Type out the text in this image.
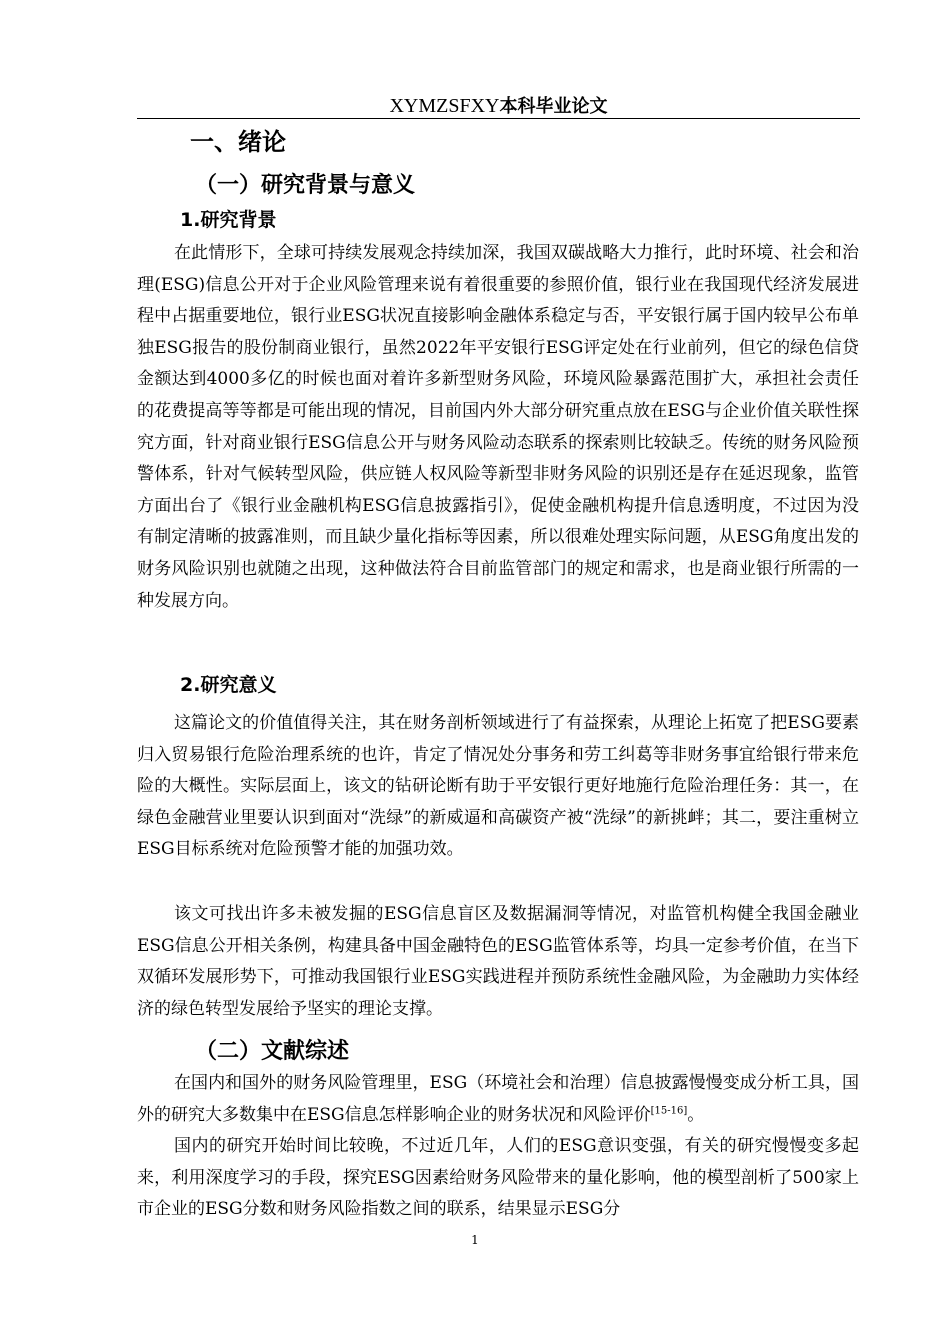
XYMZSFXY本科毕业论文
一、绪论
（一）研究背景与意义
1.研究背景

在此情形下，全球可持续发展观念持续加深，我国双碳战略大力推行，此时环境、社会和治理(ESG)信息公开对于企业风险管理来说有着很重要的参照价值，银行业在我国现代经济发展进程中占据重要地位，银行业ESG状况直接影响金融体系稳定与否，平安银行属于国内较早公布单独ESG报告的股份制商业银行，虽然2022年平安银行ESG评定处在行业前列，但它的绿色信贷金额达到4000多亿的时候也面对着许多新型财务风险，环境风险暴露范围扩大，承担社会责任的花费提高等等都是可能出现的情况，目前国内外大部分研究重点放在ESG与企业价值关联性探究方面，针对商业银行ESG信息公开与财务风险动态联系的探索则比较缺乏。传统的财务风险预警体系，针对气候转型风险，供应链人权风险等新型非财务风险的识别还是存在延迟现象，监管方面出台了《银行业金融机构ESG信息披露指引》，促使金融机构提升信息透明度，不过因为没有制定清晰的披露准则，而且缺少量化指标等因素，所以很难处理实际问题，从ESG角度出发的财务风险识别也就随之出现，这种做法符合目前监管部门的规定和需求，也是商业银行所需的一种发展方向。

2.研究意义

这篇论文的价值值得关注，其在财务剖析领域进行了有益探索，从理论上拓宽了把ESG要素归入贸易银行危险治理系统的也许，肯定了情况处分事务和劳工纠葛等非财务事宜给银行带来危险的大概性。实际层面上，该文的钻研论断有助于平安银行更好地施行危险治理任务：其一，在绿色金融营业里要认识到面对“洗绿”的新威逼和高碳资产被“洗绿”的新挑衅；其二，要注重树立ESG目标系统对危险预警才能的加强功效。

该文可找出许多未被发掘的ESG信息盲区及数据漏洞等情况，对监管机构健全我国金融业ESG信息公开相关条例，构建具备中国金融特色的ESG监管体系等，均具一定参考价值，在当下双循环发展形势下，可推动我国银行业ESG实践进程并预防系统性金融风险，为金融助力实体经济的绿色转型发展给予坚实的理论支撑。

（二）文献综述

在国内和国外的财务风险管理里，ESG（环境社会和治理）信息披露慢慢变成分析工具，国外的研究大多数集中在ESG信息怎样影响企业的财务状况和风险评价[15-16]。

国内的研究开始时间比较晚，不过近几年，人们的ESG意识变强，有关的研究慢慢变多起来，利用深度学习的手段，探究ESG因素给财务风险带来的量化影响，他的模型剖析了500家上市企业的ESG分数和财务风险指数之间的联系，结果显示ESG分

1
